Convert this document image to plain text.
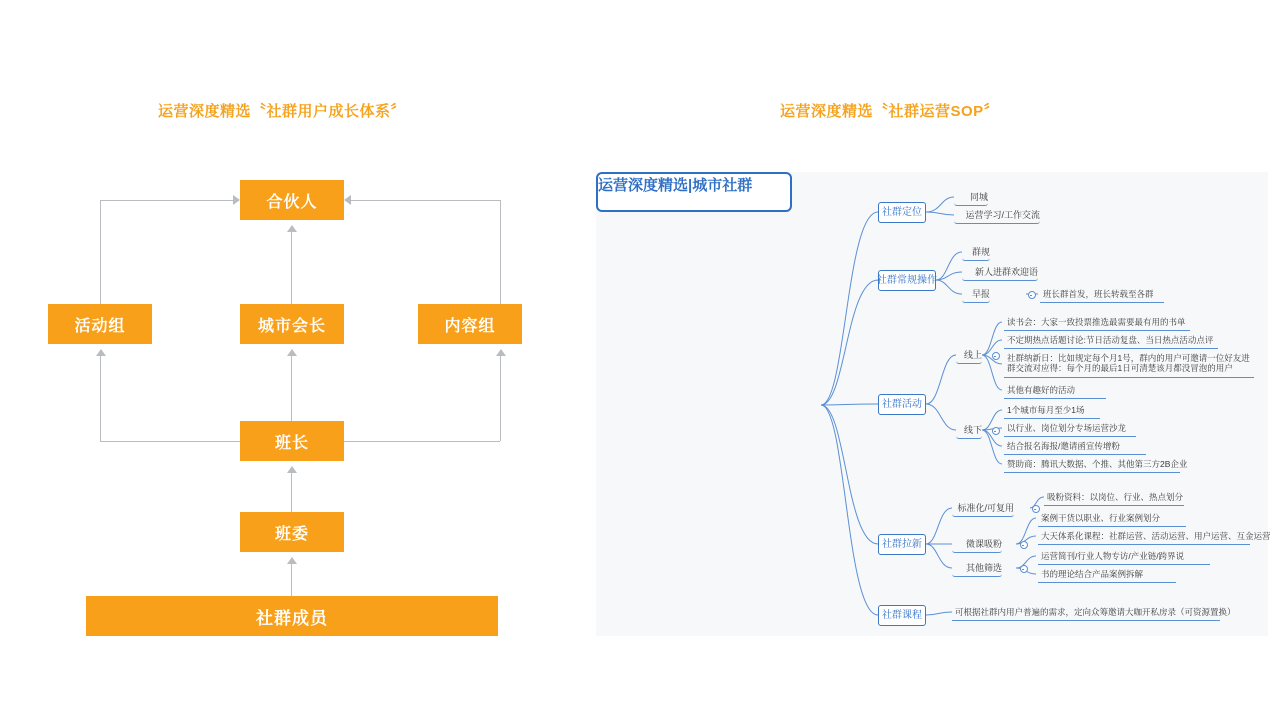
运营深度精选〝社群用户成长体系〞
合伙人
活动组	城市会长	内容组
班长
班委
社群成员
运营深度精选〝社群运营SOP〞
运营深度精选|城市社群
社群定位
同城
运营学习/工作交流
社群常规操作
群规
新人进群欢迎语
早报	班长群首发，班长转载至各群
社群活动
线上
读书会：大家一致投票推选最需要最有用的书单
不定期热点话题讨论:节日活动复盘、当日热点活动点评
社群纳新日：比如规定每个月1号，群内的用户可邀请一位好友进群交流对应得：每个月的最后1日可清楚该月都没冒泡的用户
其他有趣好的活动
线下
1个城市每月至少1场
以行业、岗位划分专场运营沙龙
结合报名海报/邀请函宣传增粉
赞助商：腾讯大数据、个推、其他第三方2B企业
社群拉新
标准化/可复用
吸粉资料：以岗位、行业、热点划分
微课吸粉
案例干货以职业、行业案例划分
大天体系化课程：社群运营、活动运营、用户运营、互金运营
其他筛选
运营简刊/行业人物专访/产业链/跨界说
书的理论结合产品案例拆解
社群课程	可根据社群内用户普遍的需求，定向众筹邀请大咖开私房录（可资源置换）
